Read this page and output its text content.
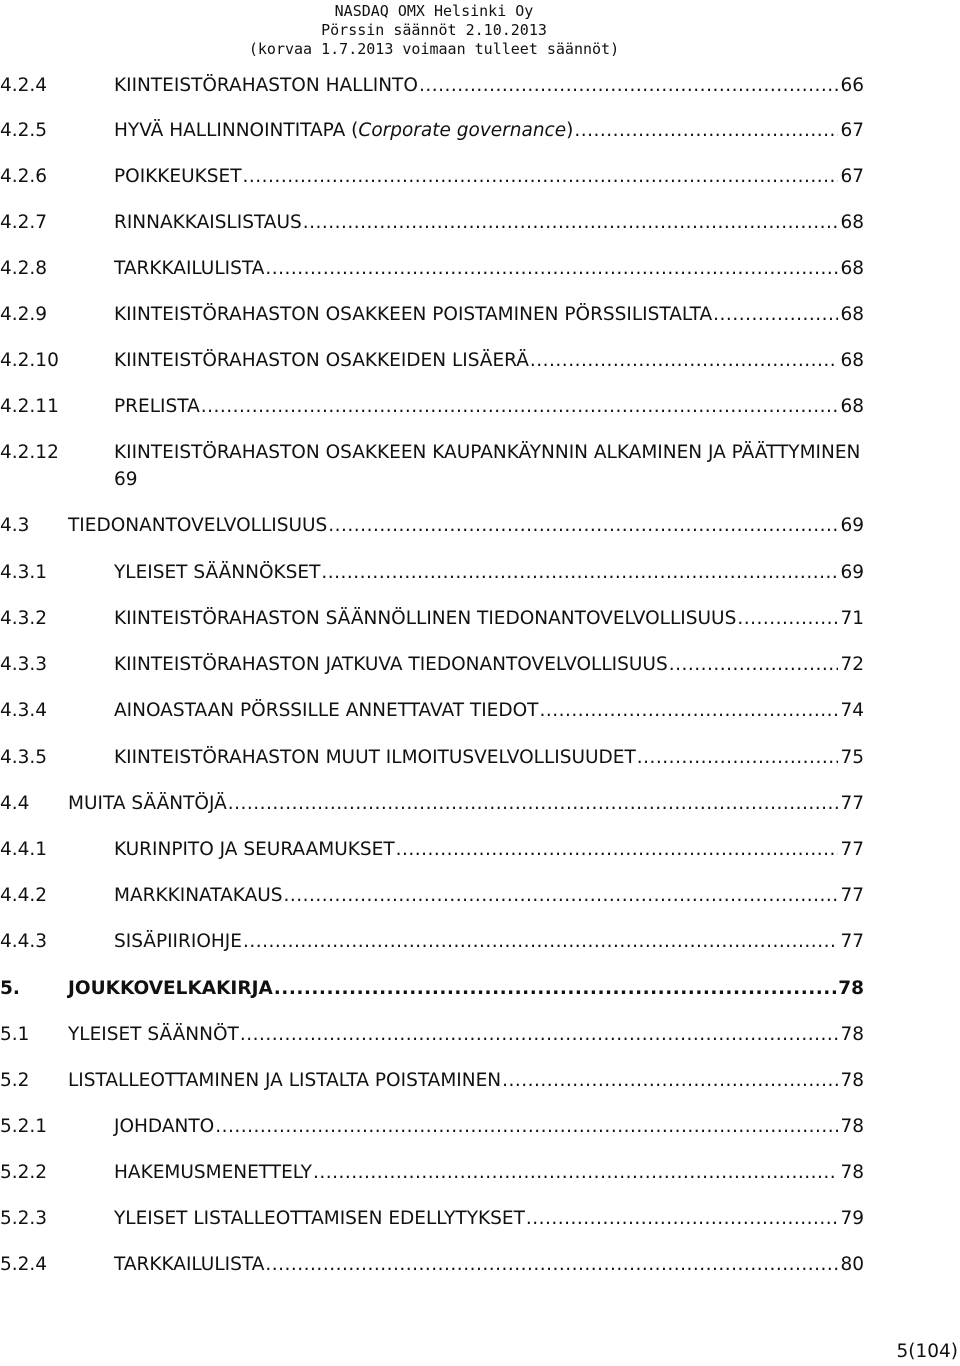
NASDAQ OMX Helsinki Oy
Pörssin säännöt 2.10.2013
(korvaa 1.7.2013 voimaan tulleet säännöt)
4.2.4	KIINTEISTÖRAHASTON HALLINTO .....	66
4.2.5	HYVÄ HALLINNOINTITAPA (Corporate governance) .....	67
4.2.6	POIKKEUKSET .....	67
4.2.7	RINNAKKAISLISTAUS .....	68
4.2.8	TARKKAILULISTA .....	68
4.2.9	KIINTEISTÖRAHASTON OSAKKEEN POISTAMINEN PÖRSSILISTALTA .....	68
4.2.10	KIINTEISTÖRAHASTON OSAKKEIDEN LISÄERÄ .....	68
4.2.11	PRELISTA .....	68
4.2.12	KIINTEISTÖRAHASTON OSAKKEEN KAUPANKÄYNNIN ALKAMINEN JA PÄÄTTYMINEN
69
4.3 TIEDONANTOVELVOLLISUUS .....	69
4.3.1	YLEISET SÄÄNNÖKSET .....	69
4.3.2	KIINTEISTÖRAHASTON SÄÄNNÖLLINEN TIEDONANTOVELVOLLISUUS .....	71
4.3.3	KIINTEISTÖRAHASTON JATKUVA TIEDONANTOVELVOLLISUUS .....	72
4.3.4	AINOASTAAN PÖRSSILLE ANNETTAVAT TIEDOT .....	74
4.3.5	KIINTEISTÖRAHASTON MUUT ILMOITUSVELVOLLISUUDET .....	75
4.4 MUITA SÄÄNTÖJÄ .....	77
4.4.1	KURINPITO JA SEURAAMUKSET .....	77
4.4.2	MARKKINATAKAUS .....	77
4.4.3	SISÄPIIRIOHJE .....	77
5.	JOUKKOVELKAKIRJA .....	78
5.1 YLEISET SÄÄNNÖT .....	78
5.2 LISTALLEOTTAMINEN JA LISTALTA POISTAMINEN .....	78
5.2.1	JOHDANTO .....	78
5.2.2	HAKEMUSMENETTELY .....	78
5.2.3	YLEISET LISTALLEOTTAMISEN EDELLYTYKSET .....	79
5.2.4	TARKKAILULISTA .....	80
5(104)
